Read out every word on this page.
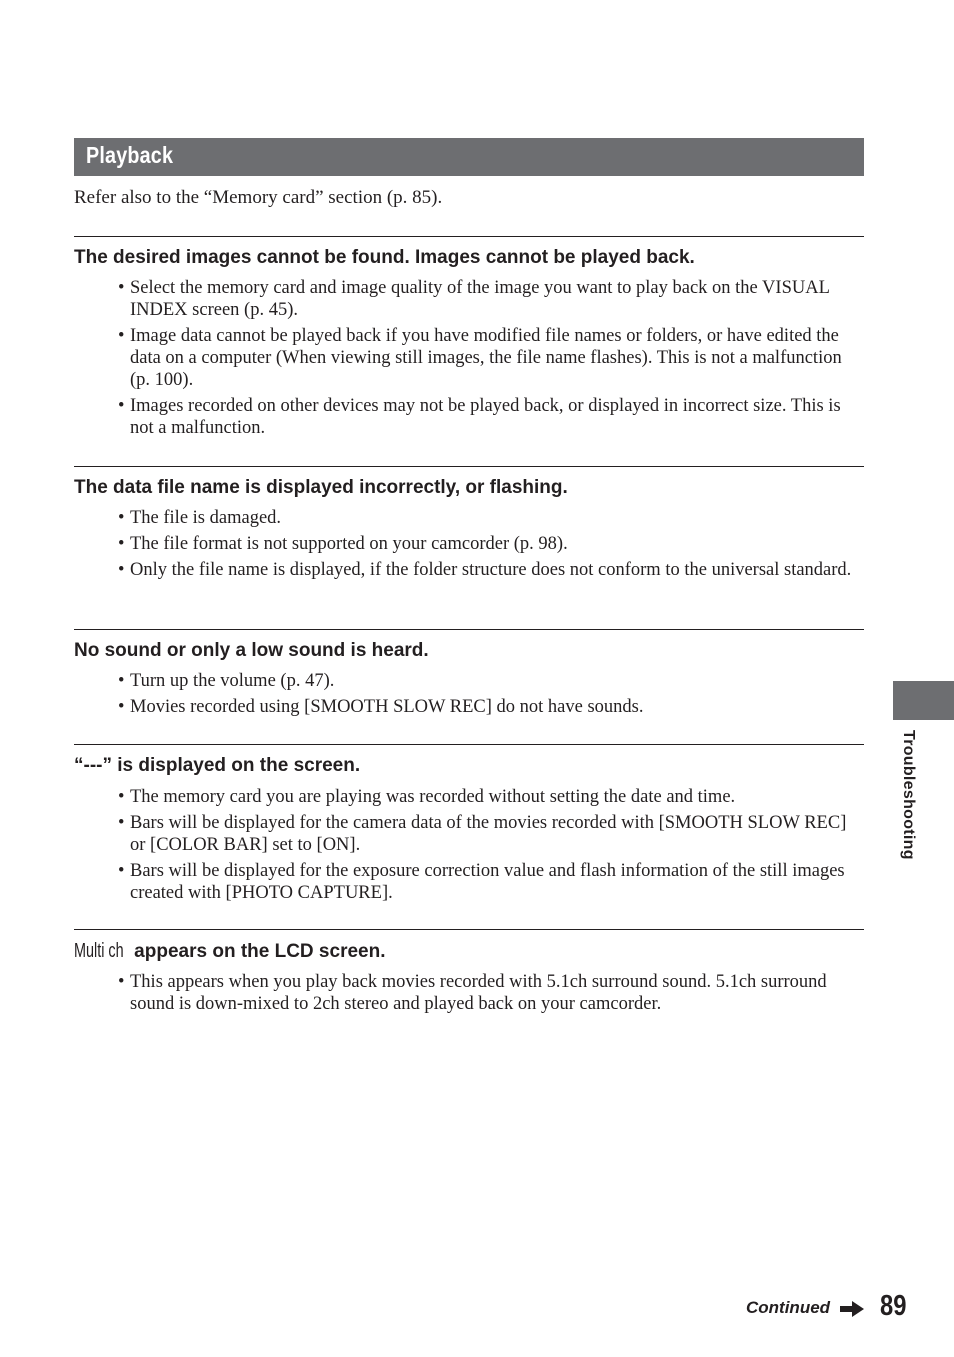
Playback
Refer also to the “Memory card” section (p. 85).
The desired images cannot be found. Images cannot be played back.
• Select the memory card and image quality of the image you want to play back on the VISUAL INDEX screen (p. 45).
• Image data cannot be played back if you have modified file names or folders, or have edited the data on a computer (When viewing still images, the file name flashes). This is not a malfunction (p. 100).
• Images recorded on other devices may not be played back, or displayed in incorrect size. This is not a malfunction.
The data file name is displayed incorrectly, or flashing.
• The file is damaged.
• The file format is not supported on your camcorder (p. 98).
• Only the file name is displayed, if the folder structure does not conform to the universal standard.
No sound or only a low sound is heard.
• Turn up the volume (p. 47).
• Movies recorded using [SMOOTH SLOW REC] do not have sounds.
“---” is displayed on the screen.
• The memory card you are playing was recorded without setting the date and time.
• Bars will be displayed for the camera data of the movies recorded with [SMOOTH SLOW REC] or [COLOR BAR] set to [ON].
• Bars will be displayed for the exposure correction value and flash information of the still images created with [PHOTO CAPTURE].
Multi ch appears on the LCD screen.
• This appears when you play back movies recorded with 5.1ch surround sound. 5.1ch surround sound is down-mixed to 2ch stereo and played back on your camcorder.
Troubleshooting
Continued 89
